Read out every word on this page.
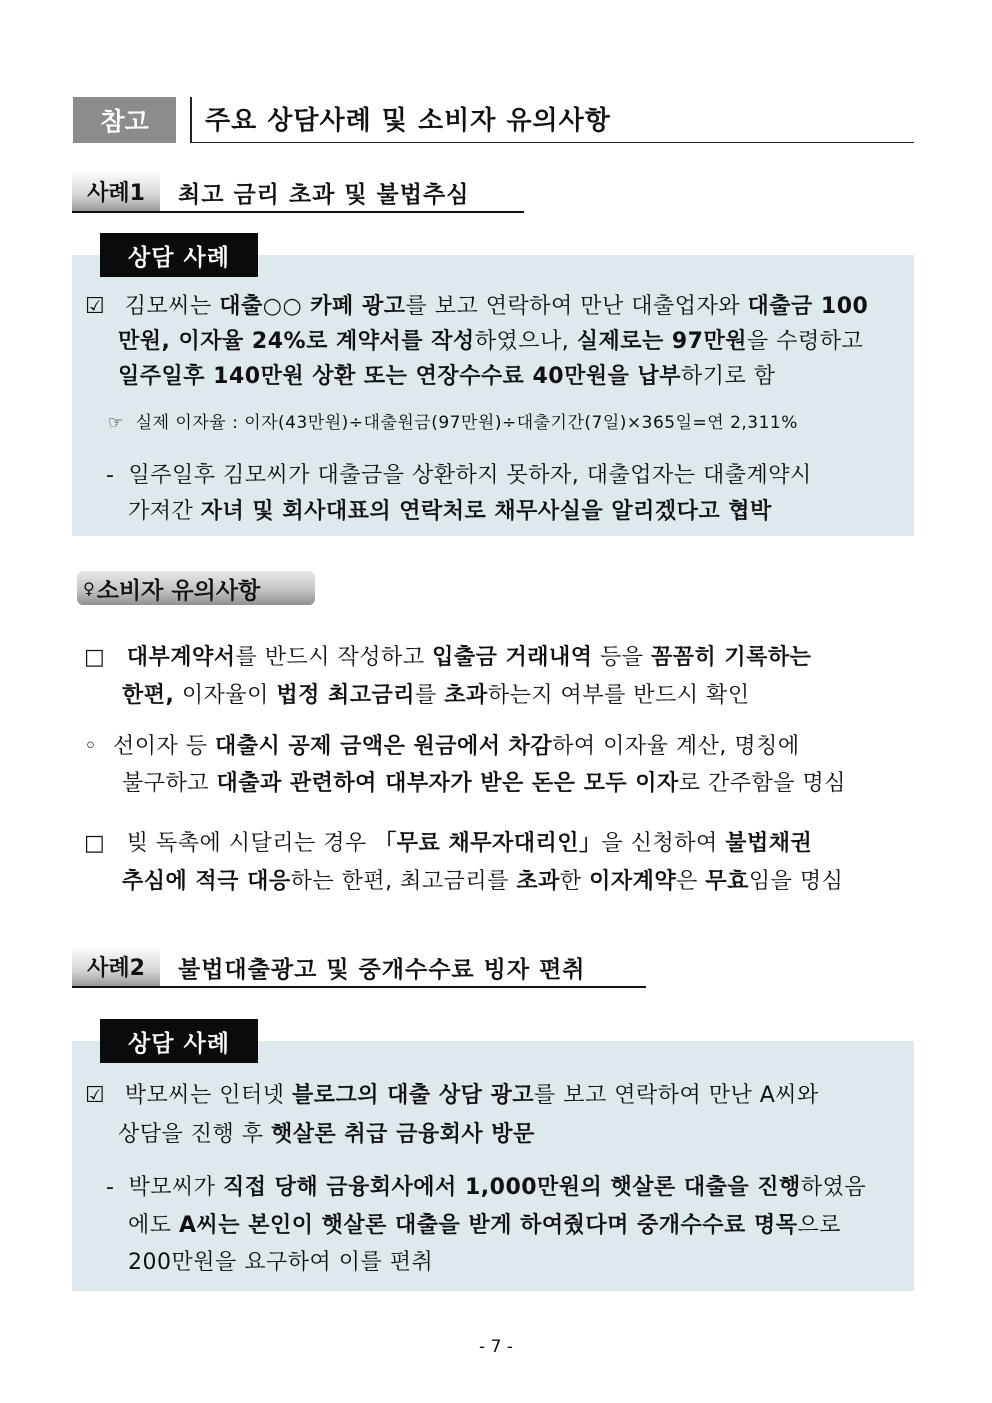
참고	주요 상담사례 및 소비자 유의사항
사례1	최고 금리 초과 및 불법추심
☑ 김모씨는 대출○○ 카페 광고를 보고 연락하여 만난 대출업자와 대출금 100
만원, 이자율 24%로 계약서를 작성하였으나, 실제로는 97만원을 수령하고
일주일후 140만원 상환 또는 연장수수료 40만원을 납부하기로 함
☞ 실제 이자율 : 이자(43만원)÷대출원금(97만원)÷대출기간(7일)×365일=연 2,311%
- 일주일후 김모씨가 대출금을 상환하지 못하자, 대출업자는 대출계약시
가져간 자녀 및 회사대표의 연락처로 채무사실을 알리겠다고 협박
상담 사례
♀ 소비자 유의사항
□ 대부계약서를 반드시 작성하고 입출금 거래내역 등을 꼼꼼히 기록하는
한편, 이자율이 법정 최고금리를 초과하는지 여부를 반드시 확인
◦ 선이자 등 대출시 공제 금액은 원금에서 차감하여 이자율 계산, 명칭에
불구하고 대출과 관련하여 대부자가 받은 돈은 모두 이자로 간주함을 명심
□ 빚 독촉에 시달리는 경우 「무료 채무자대리인」을 신청하여 불법채권
추심에 적극 대응하는 한편, 최고금리를 초과한 이자계약은 무효임을 명심
사례2	불법대출광고 및 중개수수료 빙자 편취
☑ 박모씨는 인터넷 블로그의 대출 상담 광고를 보고 연락하여 만난 A씨와
상담을 진행 후 햇살론 취급 금융회사 방문
- 박모씨가 직접 당해 금융회사에서 1,000만원의 햇살론 대출을 진행하였음
에도 A씨는 본인이 햇살론 대출을 받게 하여줬다며 중개수수료 명목으로
200만원을 요구하여 이를 편취
상담 사례
- 7 -
